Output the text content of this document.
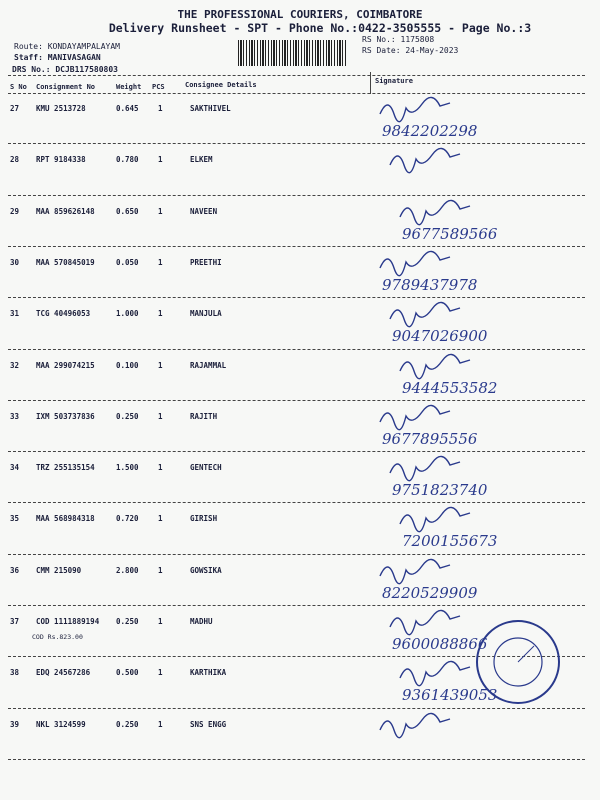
THE PROFESSIONAL COURIERS, COIMBATORE
Delivery Runsheet - SPT - Phone No.:0422-3505555 - Page No.:3
Route: KONDAYAMPALAYAM
Staff: MANIVASAGAN
DRS No.: DCJB117580803
RS No.: 1175808
RS Date: 24-May-2023
S No Consignment No	Weight PCS	Consignee Details	Signature
27 KMU 2513728	0.645	1	SAKTHIVEL
9842202298
28 RPT 9184338	0.780	1	ELKEM
29 MAA 859626148	0.650	1	NAVEEN
9677589566
30 MAA 570845019	0.050	1	PREETHI
9789437978
31 TCG 40496053	1.000	1	MANJULA
9047026900
32 MAA 299074215	0.100	1	RAJAMMAL
9444553582
33 IXM 503737836	0.250	1	RAJITH
9677895556
34 TRZ 255135154	1.500	1	GENTECH
9751823740
35 MAA 568984318	0.720	1	GIRISH
7200155673
36 CMM 215090	2.800	1	GOWSIKA
8220529909
37 COD 1111889194 0.250	1	MADHU
COD Rs.823.00	9600088866
38 EDQ 24567286	0.500	1	KARTHIKA
9361439053
39 NKL 3124599	0.250	1	SNS ENGG
